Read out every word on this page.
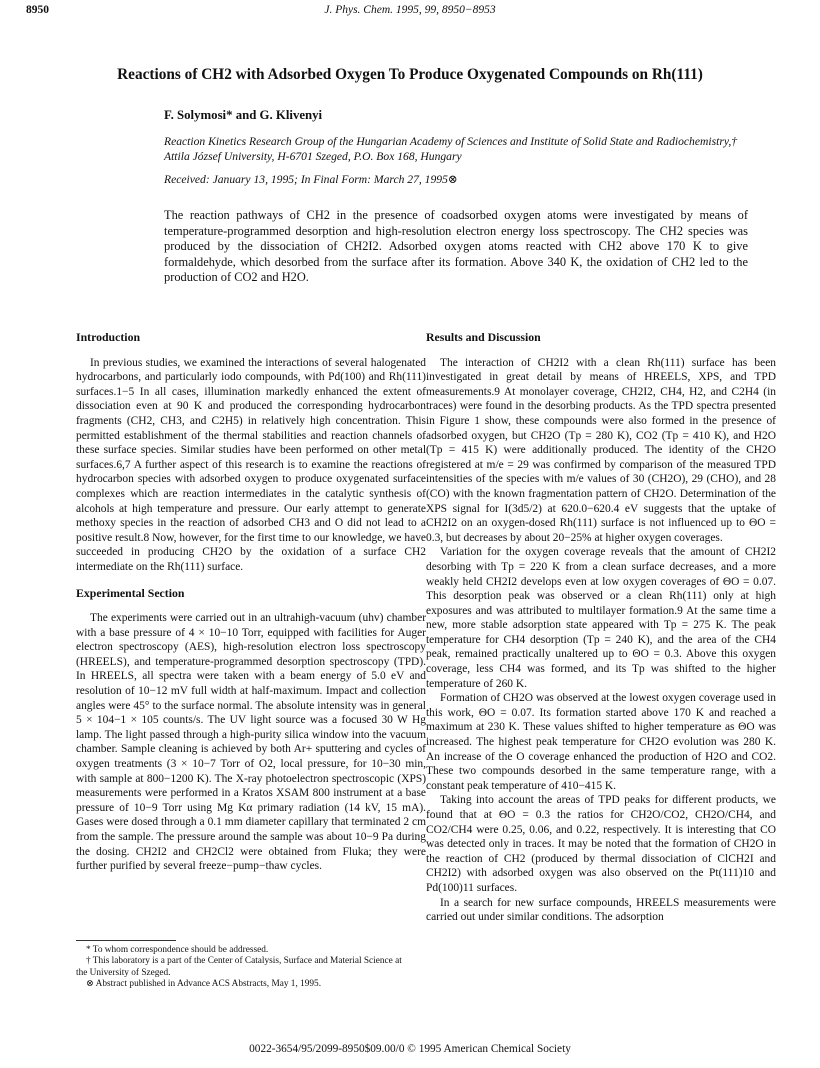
8950	J. Phys. Chem. 1995, 99, 8950−8953
Reactions of CH2 with Adsorbed Oxygen To Produce Oxygenated Compounds on Rh(111)
F. Solymosi* and G. Klivenyi
Reaction Kinetics Research Group of the Hungarian Academy of Sciences and Institute of Solid State and Radiochemistry,† Attila József University, H-6701 Szeged, P.O. Box 168, Hungary
Received: January 13, 1995; In Final Form: March 27, 1995⊗
The reaction pathways of CH2 in the presence of coadsorbed oxygen atoms were investigated by means of temperature-programmed desorption and high-resolution electron energy loss spectroscopy. The CH2 species was produced by the dissociation of CH2I2. Adsorbed oxygen atoms reacted with CH2 above 170 K to give formaldehyde, which desorbed from the surface after its formation. Above 340 K, the oxidation of CH2 led to the production of CO2 and H2O.
Introduction

In previous studies, we examined the interactions of several halogenated hydrocarbons, and particularly iodo compounds, with Pd(100) and Rh(111) surfaces.1−5 In all cases, illumination markedly enhanced the extent of dissociation even at 90 K and produced the corresponding hydrocarbon fragments (CH2, CH3, and C2H5) in relatively high concentration. This permitted establishment of the thermal stabilities and reaction channels of these surface species. Similar studies have been performed on other metal surfaces.6,7 A further aspect of this research is to examine the reactions of hydrocarbon species with adsorbed oxygen to produce oxygenated surface complexes which are reaction intermediates in the catalytic synthesis of alcohols at high temperature and pressure. Our early attempt to generate methoxy species in the reaction of adsorbed CH3 and O did not lead to a positive result.8 Now, however, for the first time to our knowledge, we have succeeded in producing CH2O by the oxidation of a surface CH2 intermediate on the Rh(111) surface.

Experimental Section

The experiments were carried out in an ultrahigh-vacuum (uhv) chamber with a base pressure of 4 × 10−10 Torr, equipped with facilities for Auger electron spectroscopy (AES), high-resolution electron loss spectroscopy (HREELS), and temperature-programmed desorption spectroscopy (TPD). In HREELS, all spectra were taken with a beam energy of 5.0 eV and resolution of 10−12 mV full width at half-maximum. Impact and collection angles were 45° to the surface normal. The absolute intensity was in general 5 × 104−1 × 105 counts/s. The UV light source was a focused 30 W Hg lamp. The light passed through a high-purity silica window into the vacuum chamber. Sample cleaning is achieved by both Ar+ sputtering and cycles of oxygen treatments (3 × 10−7 Torr of O2, local pressure, for 10−30 min, with sample at 800−1200 K). The X-ray photoelectron spectroscopic (XPS) measurements were performed in a Kratos XSAM 800 instrument at a base pressure of 10−9 Torr using Mg Kα primary radiation (14 kV, 15 mA). Gases were dosed through a 0.1 mm diameter capillary that terminated 2 cm from the sample. The pressure around the sample was about 10−9 Pa during the dosing. CH2I2 and CH2Cl2 were obtained from Fluka; they were further purified by several freeze−pump−thaw cycles.

Results and Discussion

The interaction of CH2I2 with a clean Rh(111) surface has been investigated in great detail by means of HREELS, XPS, and TPD measurements.9 At monolayer coverage, CH2I2, CH4, H2, and C2H4 (in traces) were found in the desorbing products. As the TPD spectra presented in Figure 1 show, these compounds were also formed in the presence of adsorbed oxygen, but CH2O (Tp = 280 K), CO2 (Tp = 410 K), and H2O (Tp = 415 K) were additionally produced. The identity of the CH2O registered at m/e = 29 was confirmed by comparison of the measured TPD intensities of the species with m/e values of 30 (CH2O), 29 (CHO), and 28 (CO) with the known fragmentation pattern of CH2O. Determination of the XPS signal for I(3d5/2) at 620.0−620.4 eV suggests that the uptake of CH2I2 on an oxygen-dosed Rh(111) surface is not influenced up to ΘO = 0.3, but decreases by about 20−25% at higher oxygen coverages.

Variation for the oxygen coverage reveals that the amount of CH2I2 desorbing with Tp = 220 K from a clean surface decreases, and a more weakly held CH2I2 develops even at low oxygen coverages of ΘO = 0.07. This desorption peak was observed or a clean Rh(111) only at high exposures and was attributed to multilayer formation.9 At the same time a new, more stable adsorption state appeared with Tp = 275 K. The peak temperature for CH4 desorption (Tp = 240 K), and the area of the CH4 peak, remained practically unaltered up to ΘO = 0.3. Above this oxygen coverage, less CH4 was formed, and its Tp was shifted to the higher temperature of 260 K.

Formation of CH2O was observed at the lowest oxygen coverage used in this work, ΘO = 0.07. Its formation started above 170 K and reached a maximum at 230 K. These values shifted to higher temperature as ΘO was increased. The highest peak temperature for CH2O evolution was 280 K. An increase of the O coverage enhanced the production of H2O and CO2. These two compounds desorbed in the same temperature range, with a constant peak temperature of 410−415 K.

Taking into account the areas of TPD peaks for different products, we found that at ΘO = 0.3 the ratios for CH2O/CO2, CH2O/CH4, and CO2/CH4 were 0.25, 0.06, and 0.22, respectively. It is interesting that CO was detected only in traces. It may be noted that the formation of CH2O in the reaction of CH2 (produced by thermal dissociation of ClCH2I and CH2I2) with adsorbed oxygen was also observed on the Pt(111)10 and Pd(100)11 surfaces.

In a search for new surface compounds, HREELS measurements were carried out under similar conditions. The adsorption

* To whom correspondence should be addressed.
† This laboratory is a part of the Center of Catalysis, Surface and Material Science at the University of Szeged.
⊗ Abstract published in Advance ACS Abstracts, May 1, 1995.
0022-3654/95/2099-8950$09.00/0 © 1995 American Chemical Society
